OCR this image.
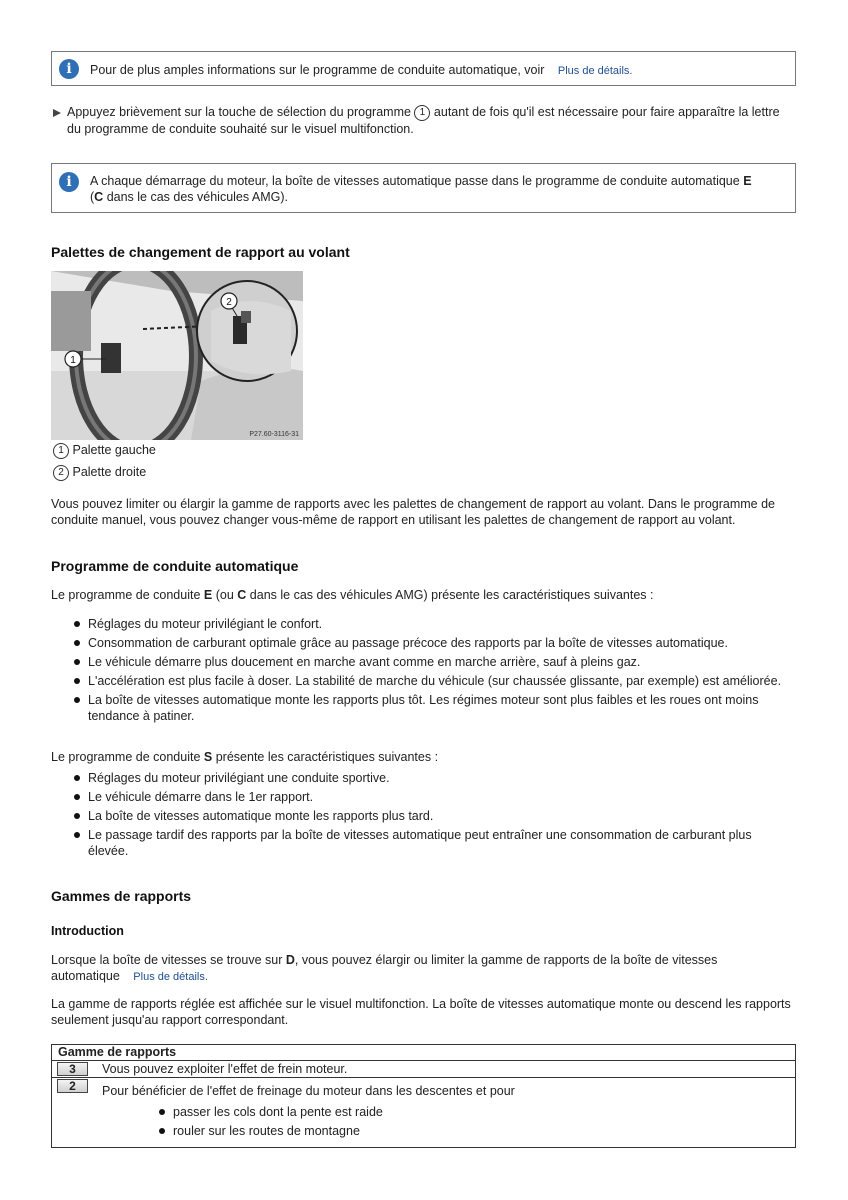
i	Pour de plus amples informations sur le programme de conduite automatique, voir Plus de détails.
Appuyez brièvement sur la touche de sélection du programme 1 autant de fois qu'il est nécessaire pour faire apparaître la lettre
du programme de conduite souhaité sur le visuel multifonction.
i	A chaque démarrage du moteur, la boîte de vitesses automatique passe dans le programme de conduite automatique E
(C dans le cas des véhicules AMG).
Palettes de changement de rapport au volant
2
1
P27.60-3116-31
1 Palette gauche
2 Palette droite
Vous pouvez limiter ou élargir la gamme de rapports avec les palettes de changement de rapport au volant. Dans le programme de conduite manuel, vous pouvez changer vous-même de rapport en utilisant les palettes de changement de rapport au volant.
Programme de conduite automatique
Le programme de conduite E (ou C dans le cas des véhicules AMG) présente les caractéristiques suivantes :
Réglages du moteur privilégiant le confort.
Consommation de carburant optimale grâce au passage précoce des rapports par la boîte de vitesses automatique.
Le véhicule démarre plus doucement en marche avant comme en marche arrière, sauf à pleins gaz.
L'accélération est plus facile à doser. La stabilité de marche du véhicule (sur chaussée glissante, par exemple) est améliorée.
La boîte de vitesses automatique monte les rapports plus tôt. Les régimes moteur sont plus faibles et les roues ont moins tendance à patiner.
Le programme de conduite S présente les caractéristiques suivantes :
Réglages du moteur privilégiant une conduite sportive.
Le véhicule démarre dans le 1er rapport.
La boîte de vitesses automatique monte les rapports plus tard.
Le passage tardif des rapports par la boîte de vitesses automatique peut entraîner une consommation de carburant plus élevée.
Gammes de rapports
Introduction
Lorsque la boîte de vitesses se trouve sur D, vous pouvez élargir ou limiter la gamme de rapports de la boîte de vitesses
automatique Plus de détails.
La gamme de rapports réglée est affichée sur le visuel multifonction. La boîte de vitesses automatique monte ou descend les rapports seulement jusqu'au rapport correspondant.
Gamme de rapports
3	Vous pouvez exploiter l'effet de frein moteur.
2	Pour bénéficier de l'effet de freinage du moteur dans les descentes et pour
passer les cols dont la pente est raide
rouler sur les routes de montagne
